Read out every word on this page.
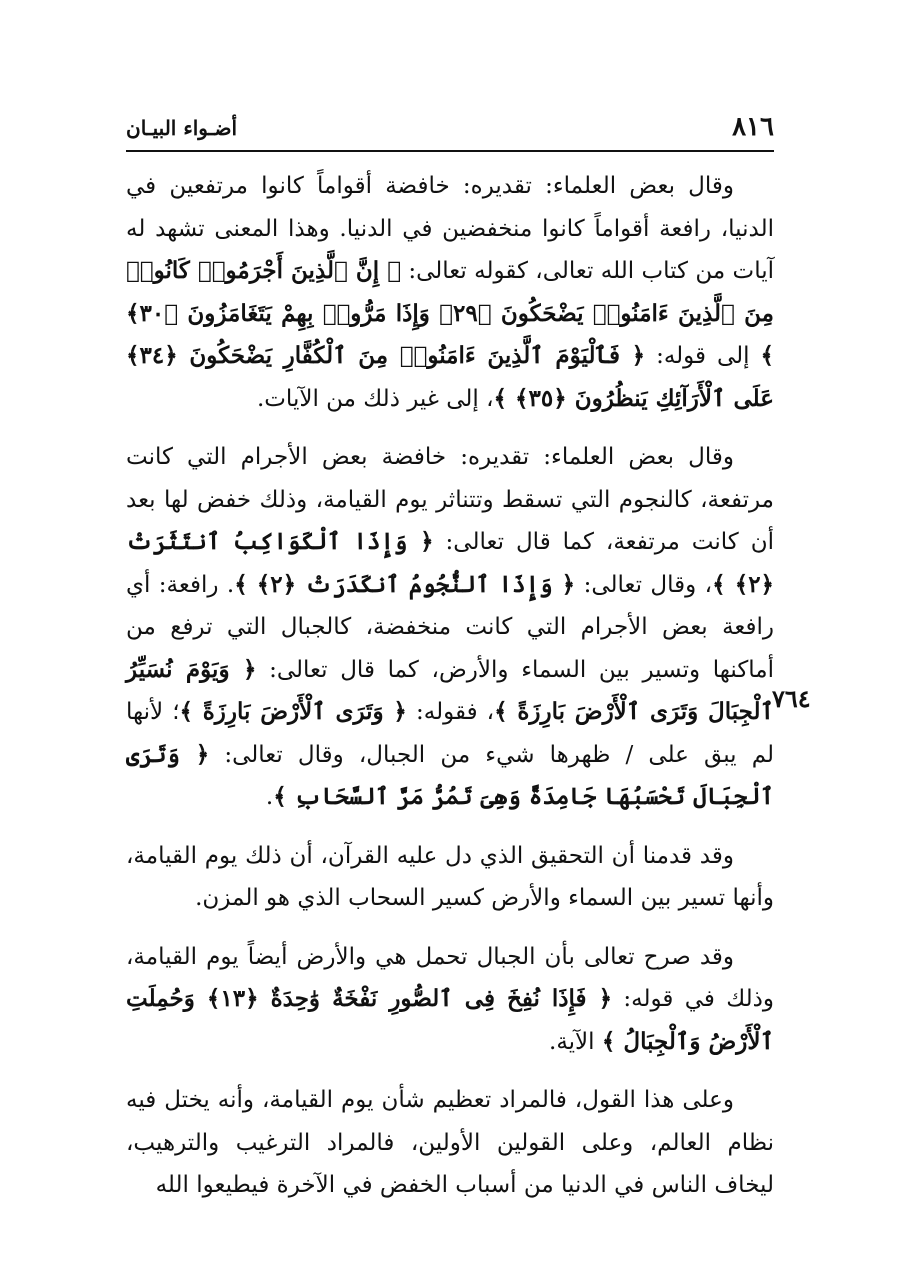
٨١٦
أضـواء البيـان
٧٦٤

وقال بعض العلماء: تقديره: خافضة أقواماً كانوا مرتفعين في الدنيا، رافعة أقواماً كانوا منخفضين في الدنيا. وهذا المعنى تشهد له آيات من كتاب الله تعالى، كقوله تعالى: ﴿ إِنَّ ٱلَّذِينَ أَجْرَمُوا۟ كَانُوا۟ مِنَ ٱلَّذِينَ ءَامَنُوا۟ يَضْحَكُونَ ﴿٢٩﴾ وَإِذَا مَرُّوا۟ بِهِمْ يَتَغَامَزُونَ ﴿٣٠﴾ ﴾ إلى قوله: ﴿ فَٱلْيَوْمَ ٱلَّذِينَ ءَامَنُوا۟ مِنَ ٱلْكُفَّارِ يَضْحَكُونَ ﴿٣٤﴾ عَلَى ٱلْأَرَآئِكِ يَنظُرُونَ ﴿٣٥﴾ ﴾، إلى غير ذلك من الآيات.

وقال بعض العلماء: تقديره: خافضة بعض الأجرام التي كانت مرتفعة، كالنجوم التي تسقط وتتناثر يوم القيامة، وذلك خفض لها بعد أن كانت مرتفعة، كما قال تعالى: ﴿ وَإِذَا ٱلْكَوَاكِبُ ٱنتَثَرَتْ ﴿٢﴾ ﴾، وقال تعالى: ﴿ وَإِذَا ٱلنُّجُومُ ٱنكَدَرَتْ ﴿٢﴾ ﴾. رافعة: أي رافعة بعض الأجرام التي كانت منخفضة، كالجبال التي ترفع من أماكنها وتسير بين السماء والأرض، كما قال تعالى: ﴿ وَيَوْمَ نُسَيِّرُ ٱلْجِبَالَ وَتَرَى ٱلْأَرْضَ بَارِزَةً ﴾، فقوله: ﴿ وَتَرَى ٱلْأَرْضَ بَارِزَةً ﴾؛ لأنها لم يبق على / ظهرها شيء من الجبال، وقال تعالى: ﴿ وَتَرَى ٱلْجِبَالَ تَحْسَبُهَا جَامِدَةً وَهِىَ تَمُرُّ مَرَّ ٱلسَّحَابِ ﴾.

وقد قدمنا أن التحقيق الذي دل عليه القرآن، أن ذلك يوم القيامة، وأنها تسير بين السماء والأرض كسير السحاب الذي هو المزن.

وقد صرح تعالى بأن الجبال تحمل هي والأرض أيضاً يوم القيامة، وذلك في قوله: ﴿ فَإِذَا نُفِخَ فِى ٱلصُّورِ نَفْخَةٌ وَٰحِدَةٌ ﴿١٣﴾ وَحُمِلَتِ ٱلْأَرْضُ وَٱلْجِبَالُ ﴾ الآية.

وعلى هذا القول، فالمراد تعظيم شأن يوم القيامة، وأنه يختل فيه نظام العالم، وعلى القولين الأولين، فالمراد الترغيب والترهيب، ليخاف الناس في الدنيا من أسباب الخفض في الآخرة فيطيعوا الله
